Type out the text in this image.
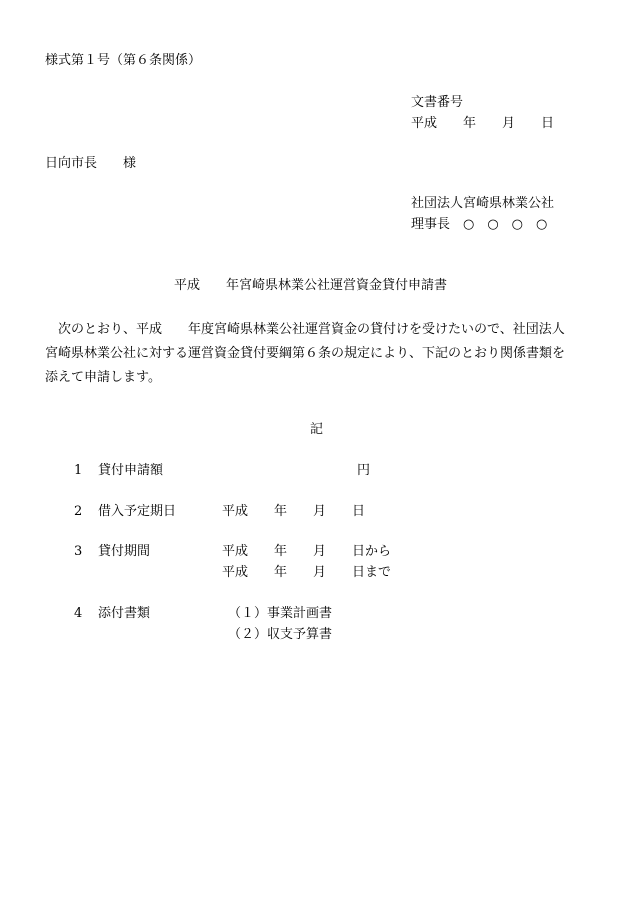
様式第１号（第６条関係）
文書番号
平成　　年　　月　　日
日向市長　　様
社団法人宮崎県林業公社
理事長　○　○　○　○
平成　　年宮崎県林業公社運営資金貸付申請書
　次のとおり、平成　　年度宮崎県林業公社運営資金の貸付けを受けたいので、社団法人
宮崎県林業公社に対する運営資金貸付要綱第６条の規定により、下記のとおり関係書類を
添えて申請します。
記
1 貸付申請額	円
2 借入予定期日	平成　　年　　月　　日
3 貸付期間	平成　　年　　月　　日から
平成　　年　　月　　日まで
4 添付書類	（１）事業計画書
（２）収支予算書
